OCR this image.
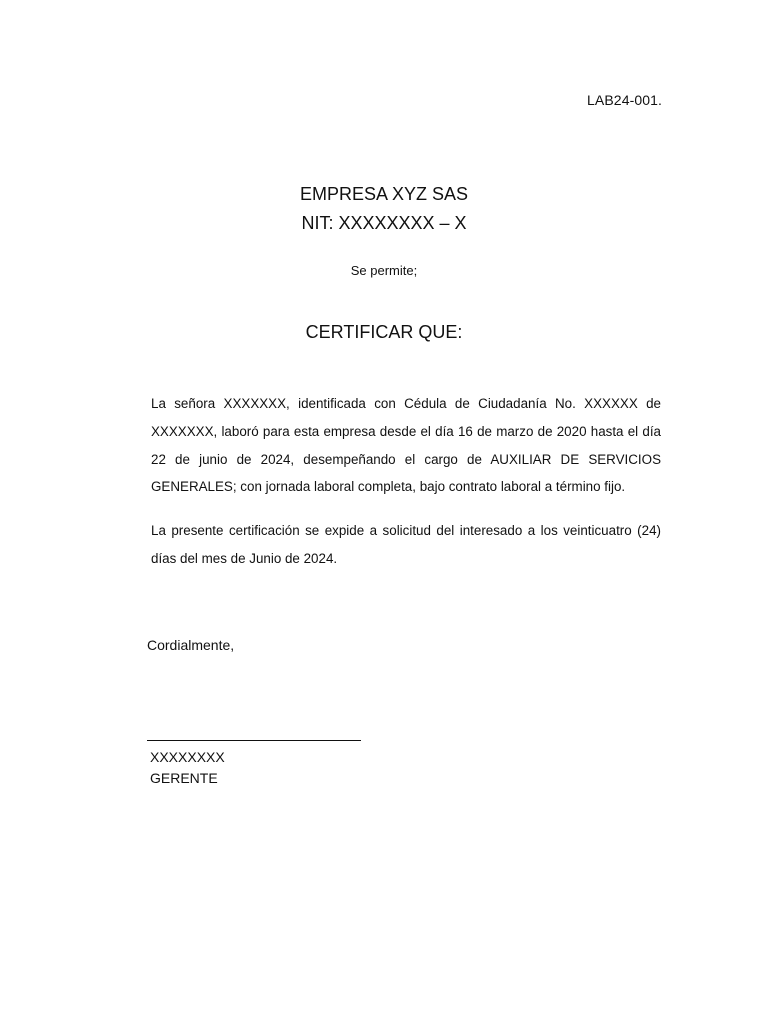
LAB24-001.
EMPRESA XYZ SAS
NIT: XXXXXXXX – X
Se permite;
CERTIFICAR QUE:

La señora XXXXXXX, identificada con Cédula de Ciudadanía No. XXXXXX de XXXXXXX, laboró para esta empresa desde el día 16 de marzo de 2020 hasta el día 22 de junio de 2024, desempeñando el cargo de AUXILIAR DE SERVICIOS GENERALES; con jornada laboral completa, bajo contrato laboral a término fijo.

La presente certificación se expide a solicitud del interesado a los veinticuatro (24) días del mes de Junio de 2024.

Cordialmente,
XXXXXXXX
GERENTE
